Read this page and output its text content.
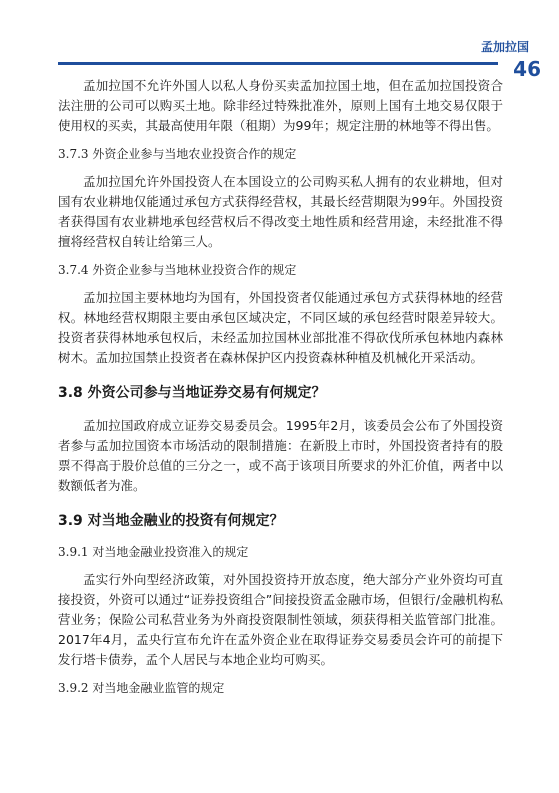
孟加拉国
46

孟加拉国不允许外国人以私人身份买卖孟加拉国土地，但在孟加拉国投资合法注册的公司可以购买土地。除非经过特殊批准外，原则上国有土地交易仅限于使用权的买卖，其最高使用年限（租期）为99年；规定注册的林地等不得出售。

3.7.3 外资企业参与当地农业投资合作的规定

孟加拉国允许外国投资人在本国设立的公司购买私人拥有的农业耕地，但对国有农业耕地仅能通过承包方式获得经营权，其最长经营期限为99年。外国投资者获得国有农业耕地承包经营权后不得改变土地性质和经营用途，未经批准不得擅将经营权自转让给第三人。

3.7.4 外资企业参与当地林业投资合作的规定

孟加拉国主要林地均为国有，外国投资者仅能通过承包方式获得林地的经营权。林地经营权期限主要由承包区域决定，不同区域的承包经营时限差异较大。投资者获得林地承包权后，未经孟加拉国林业部批准不得砍伐所承包林地内森林树木。孟加拉国禁止投资者在森林保护区内投资森林种植及机械化开采活动。

3.8 外资公司参与当地证券交易有何规定？

孟加拉国政府成立证券交易委员会。1995年2月，该委员会公布了外国投资者参与孟加拉国资本市场活动的限制措施：在新股上市时，外国投资者持有的股票不得高于股价总值的三分之一，或不高于该项目所要求的外汇价值，两者中以数额低者为准。

3.9 对当地金融业的投资有何规定？
3.9.1 对当地金融业投资准入的规定

孟实行外向型经济政策，对外国投资持开放态度，绝大部分产业外资均可直接投资，外资可以通过“证券投资组合”间接投资孟金融市场，但银行/金融机构私营业务；保险公司私营业务为外商投资限制性领域，须获得相关监管部门批准。2017年4月，孟央行宣布允许在孟外资企业在取得证券交易委员会许可的前提下发行塔卡债券，孟个人居民与本地企业均可购买。

3.9.2 对当地金融业监管的规定
